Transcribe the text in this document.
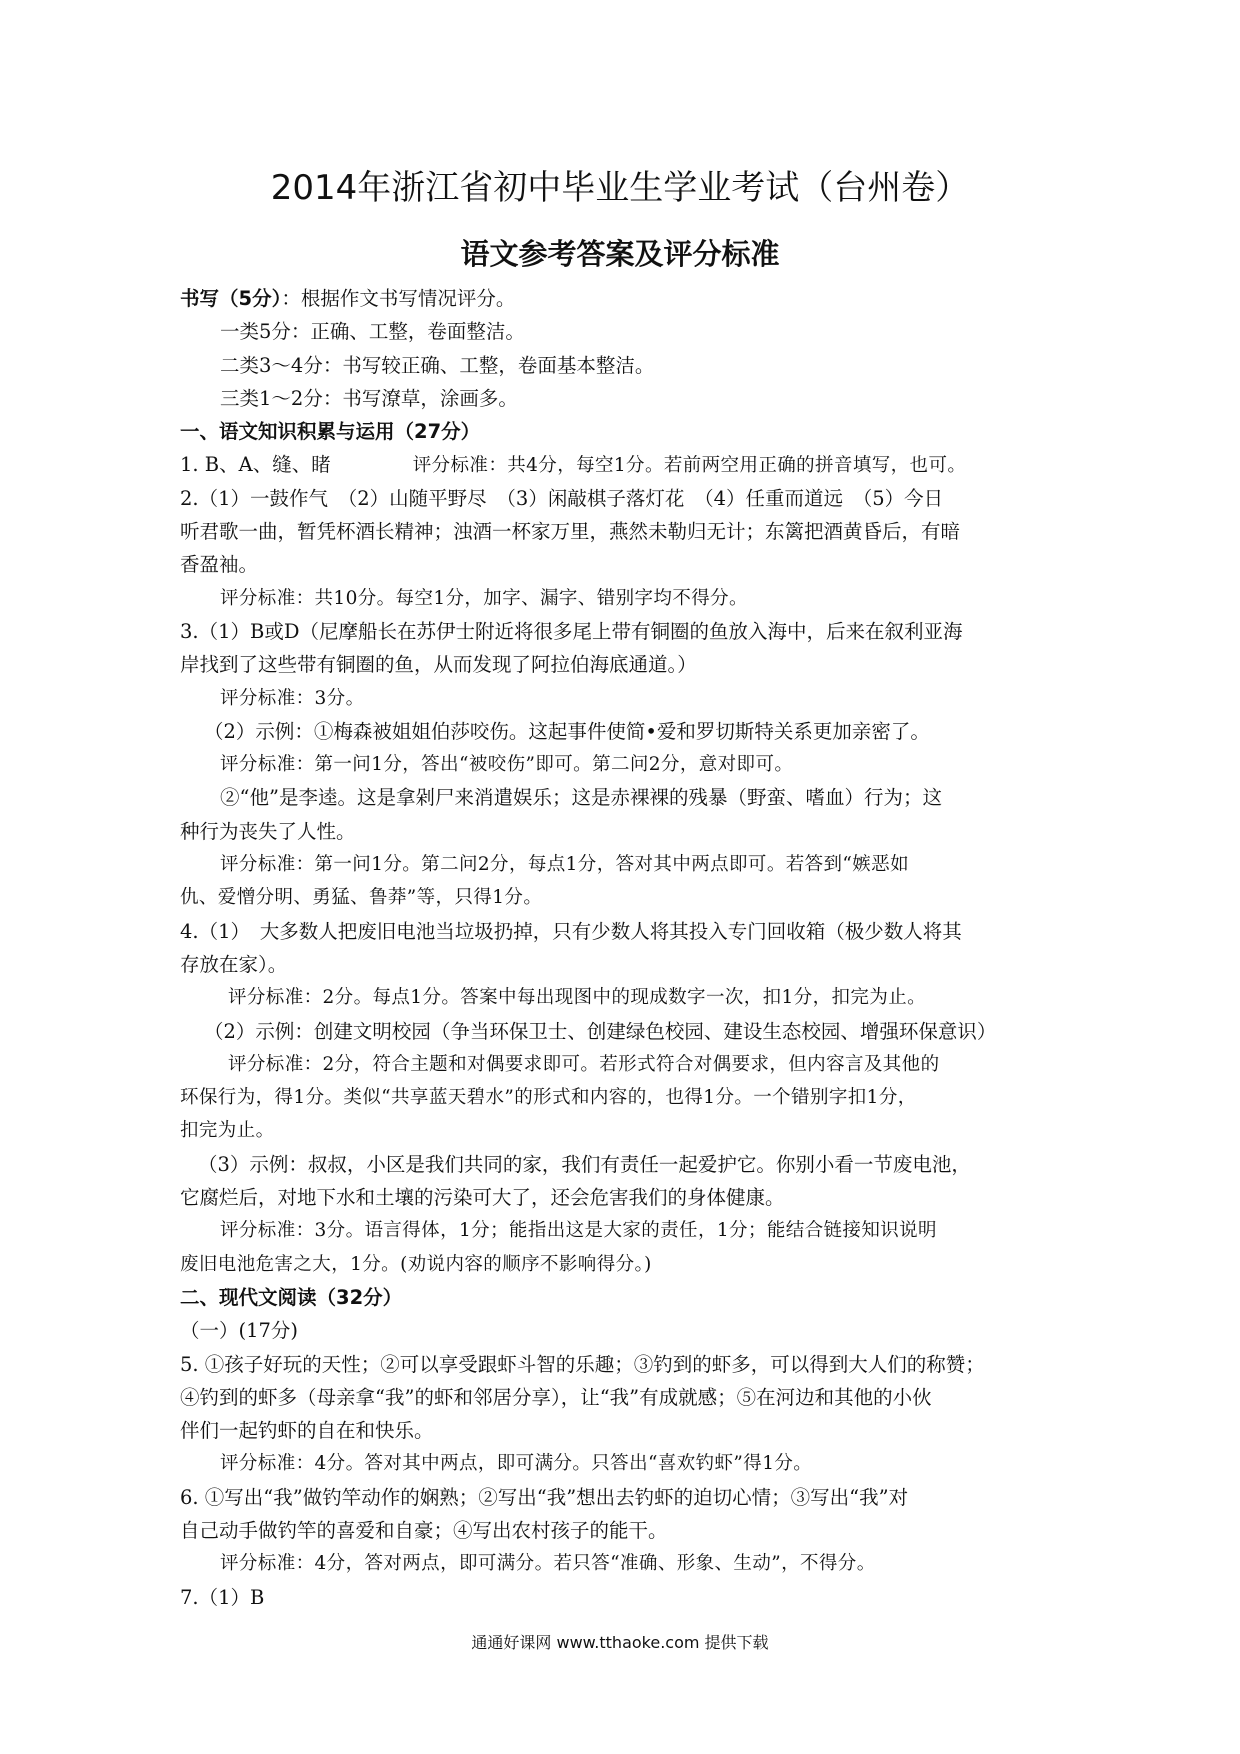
2014年浙江省初中毕业生学业考试（台州卷）
语文参考答案及评分标准
书写（5分）：根据作文书写情况评分。
一类5分：正确、工整，卷面整洁。
二类3～4分：书写较正确、工整，卷面基本整洁。
三类1～2分：书写潦草，涂画多。
一、语文知识积累与运用（27分）
1. B、A、缝、睹	评分标准：共4分，每空1分。若前两空用正确的拼音填写，也可。
2.（1）一鼓作气　（2）山随平野尽　（3）闲敲棋子落灯花　（4）任重而道远　（5）今日
听君歌一曲，暂凭杯酒长精神；浊酒一杯家万里，燕然未勒归无计；东篱把酒黄昏后，有暗
香盈袖。
评分标准：共10分。每空1分，加字、漏字、错别字均不得分。
3.（1）B或D（尼摩船长在苏伊士附近将很多尾上带有铜圈的鱼放入海中，后来在叙利亚海
岸找到了这些带有铜圈的鱼，从而发现了阿拉伯海底通道。）
评分标准：3分。
（2）示例：①梅森被姐姐伯莎咬伤。这起事件使简•爱和罗切斯特关系更加亲密了。
评分标准：第一问1分，答出“被咬伤”即可。第二问2分，意对即可。
②“他”是李逵。这是拿剁尸来消遣娱乐；这是赤裸裸的残暴（野蛮、嗜血）行为；这
种行为丧失了人性。
评分标准：第一问1分。第二问2分，每点1分，答对其中两点即可。若答到“嫉恶如
仇、爱憎分明、勇猛、鲁莽”等，只得1分。
4.（1）　大多数人把废旧电池当垃圾扔掉，只有少数人将其投入专门回收箱（极少数人将其
存放在家）。
评分标准：2分。每点1分。答案中每出现图中的现成数字一次，扣1分，扣完为止。
（2）示例：创建文明校园（争当环保卫士、创建绿色校园、建设生态校园、增强环保意识）
评分标准：2分，符合主题和对偶要求即可。若形式符合对偶要求，但内容言及其他的
环保行为，得1分。类似“共享蓝天碧水”的形式和内容的，也得1分。一个错别字扣1分，
扣完为止。
（3）示例：叔叔，小区是我们共同的家，我们有责任一起爱护它。你别小看一节废电池，
它腐烂后，对地下水和土壤的污染可大了，还会危害我们的身体健康。
评分标准：3分。语言得体，1分；能指出这是大家的责任，1分；能结合链接知识说明
废旧电池危害之大，1分。(劝说内容的顺序不影响得分。)
二、现代文阅读（32分）
（一）(17分)
5. ①孩子好玩的天性；②可以享受跟虾斗智的乐趣；③钓到的虾多，可以得到大人们的称赞；
④钓到的虾多（母亲拿“我”的虾和邻居分享），让“我”有成就感；⑤在河边和其他的小伙
伴们一起钓虾的自在和快乐。
评分标准：4分。答对其中两点，即可满分。只答出“喜欢钓虾”得1分。
6. ①写出“我”做钓竿动作的娴熟；②写出“我”想出去钓虾的迫切心情；③写出“我”对
自己动手做钓竿的喜爱和自豪；④写出农村孩子的能干。
评分标准：4分，答对两点，即可满分。若只答“准确、形象、生动”，不得分。
7.（1）B
通通好课网 www.tthaoke.com 提供下载
